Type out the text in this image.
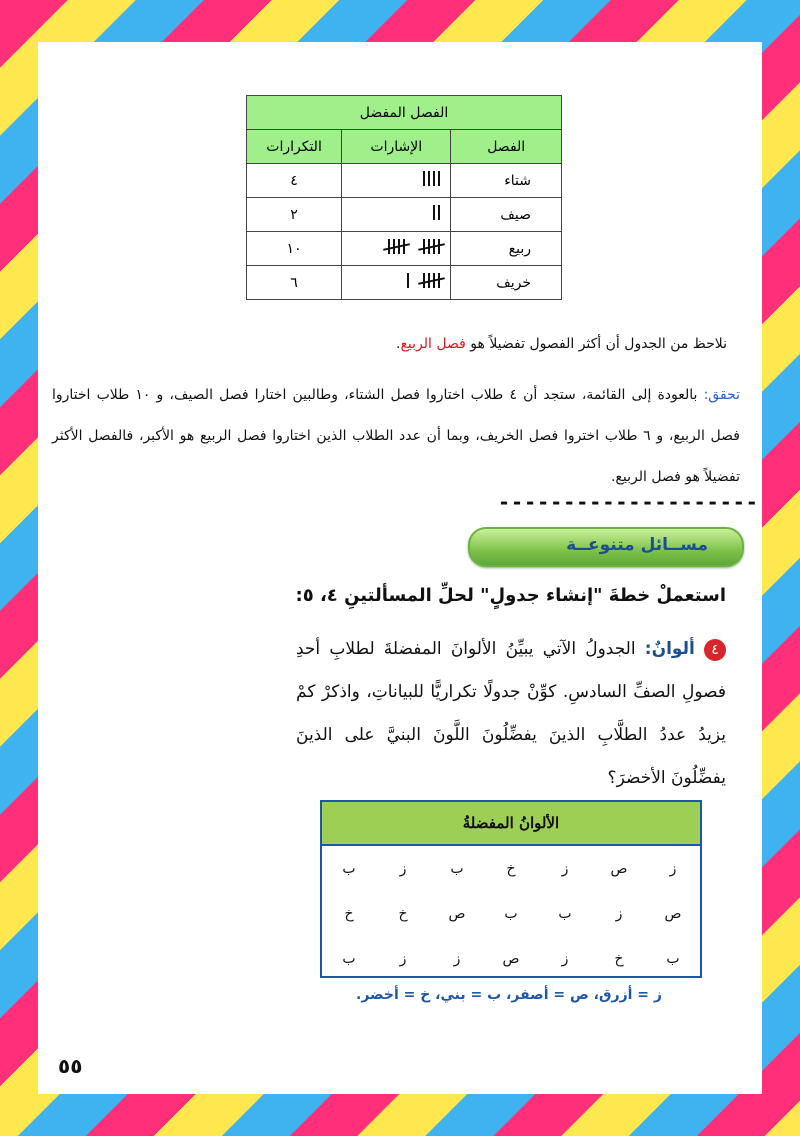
الفصل المفضل		
الفصل	الإشارات	التكرارات
شتاء		٤
صيف		٢
ربيع		١٠
خريف		٦
نلاحظ من الجدول أن أكثر الفصول تفضيلاً هو فصل الربيع.
تحقق: بالعودة إلى القائمة، ستجد أن ٤ طلاب اختاروا فصل الشتاء، وطالبين اختارا فصل الصيف، و ١٠ طلاب اختاروا فصل الربيع، و ٦ طلاب اختروا فصل الخريف، وبما أن عدد الطلاب الذين اختاروا فصل الربيع هو الأكبر، فالفصل الأكثر تفضيلاً هو فصل الربيع.
--------------------
مســائل متنوعــة
استعملْ خطةَ "إنشاء جدولٍ" لحلِّ المسألتينِ ٤، ٥:
٤ ألوانٌ: الجدولُ الآتي يبيِّنُ الألوانَ المفضلةَ لطلابِ أحدِ فصولِ الصفِّ السادسِ. كوِّنْ جدولًا تكراريًّا للبياناتِ، واذكرْ كمْ يزيدُ عددُ الطلَّابِ الذينَ يفضِّلُونَ اللَّونَ البنيَّ على الذينَ يفضِّلُونَ الأخضرَ؟
الألوانُ المفضلةُ
ز	ص	ز	خ	ب	ز	ب
ص	ز	ب	ب	ص	خ	خ
ب	خ	ز	ص	ز	ز	ب
ز = أزرق، ص = أصفر، ب = بني، خ = أخضر.
٥٥
